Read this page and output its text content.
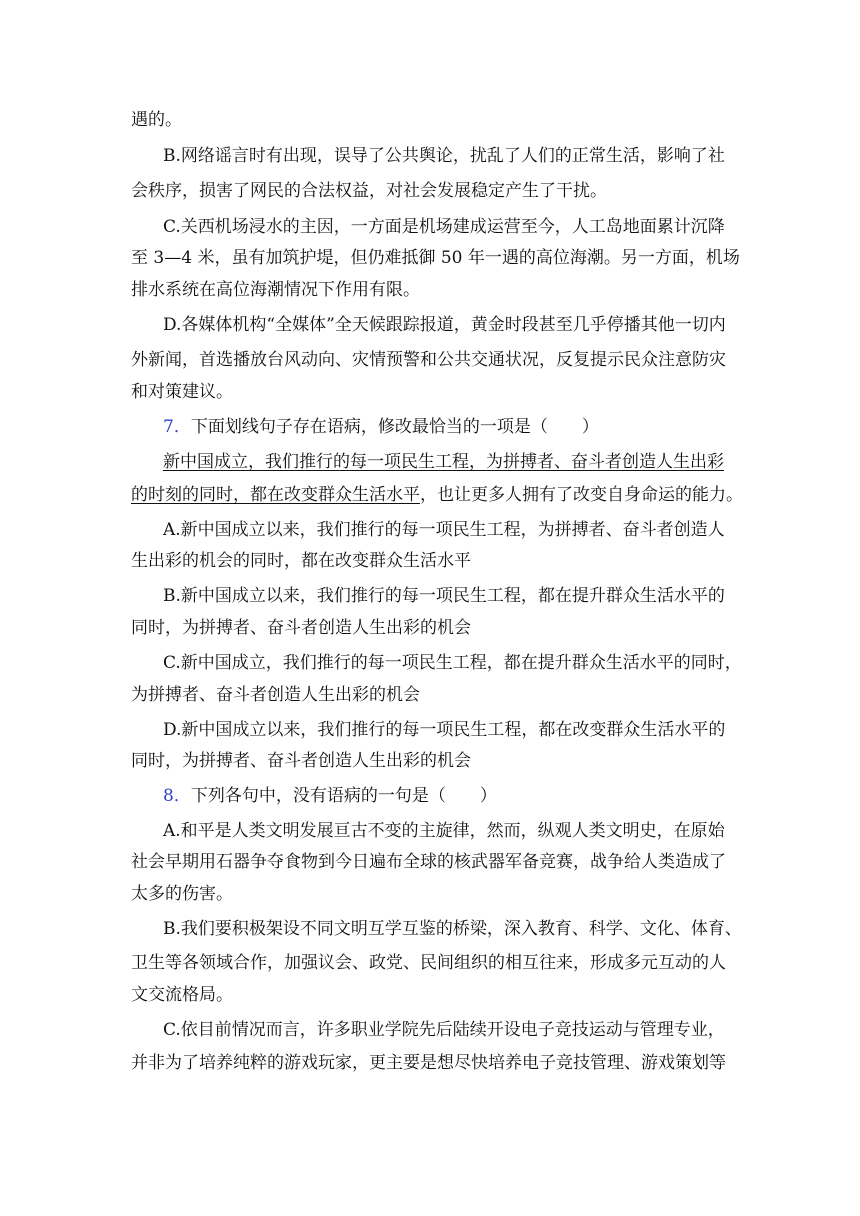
遇的。
B.网络谣言时有出现，误导了公共舆论，扰乱了人们的正常生活，影响了社
会秩序，损害了网民的合法权益，对社会发展稳定产生了干扰。
C.关西机场浸水的主因，一方面是机场建成运营至今，人工岛地面累计沉降
至 3—4 米，虽有加筑护堤，但仍难抵御 50 年一遇的高位海潮。另一方面，机场
排水系统在高位海潮情况下作用有限。
D.各媒体机构“全媒体”全天候跟踪报道，黄金时段甚至几乎停播其他一切内
外新闻，首选播放台风动向、灾情预警和公共交通状况，反复提示民众注意防灾
和对策建议。
7．下面划线句子存在语病，修改最恰当的一项是（　　）
新中国成立，我们推行的每一项民生工程，为拼搏者、奋斗者创造人生出彩
的时刻的同时，都在改变群众生活水平，也让更多人拥有了改变自身命运的能力。
A.新中国成立以来，我们推行的每一项民生工程，为拼搏者、奋斗者创造人
生出彩的机会的同时，都在改变群众生活水平
B.新中国成立以来，我们推行的每一项民生工程，都在提升群众生活水平的
同时，为拼搏者、奋斗者创造人生出彩的机会
C.新中国成立，我们推行的每一项民生工程，都在提升群众生活水平的同时，
为拼搏者、奋斗者创造人生出彩的机会
D.新中国成立以来，我们推行的每一项民生工程，都在改变群众生活水平的
同时，为拼搏者、奋斗者创造人生出彩的机会
8．下列各句中，没有语病的一句是（　　）
A.和平是人类文明发展亘古不变的主旋律，然而，纵观人类文明史，在原始
社会早期用石器争夺食物到今日遍布全球的核武器军备竞赛，战争给人类造成了
太多的伤害。
B.我们要积极架设不同文明互学互鉴的桥梁，深入教育、科学、文化、体育、
卫生等各领域合作，加强议会、政党、民间组织的相互往来，形成多元互动的人
文交流格局。
C.依目前情况而言，许多职业学院先后陆续开设电子竞技运动与管理专业，
并非为了培养纯粹的游戏玩家，更主要是想尽快培养电子竞技管理、游戏策划等
